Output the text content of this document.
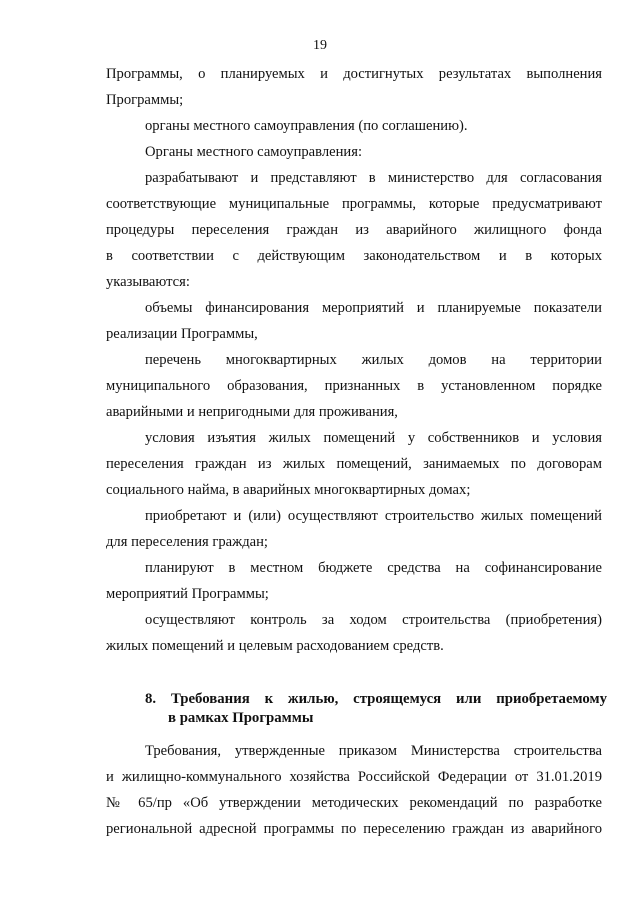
19
Программы, о планируемых и достигнутых результатах выполнения
Программы;
органы местного самоуправления (по соглашению).
Органы местного самоуправления:
разрабатывают и представляют в министерство для согласования
соответствующие муниципальные программы, которые предусматривают
процедуры переселения граждан из аварийного жилищного фонда
в соответствии с действующим законодательством и в которых
указываются:
объемы финансирования мероприятий и планируемые показатели
реализации Программы,
перечень многоквартирных жилых домов на территории
муниципального образования, признанных в установленном порядке
аварийными и непригодными для проживания,
условия изъятия жилых помещений у собственников и условия
переселения граждан из жилых помещений, занимаемых по договорам
социального найма, в аварийных многоквартирных домах;
приобретают и (или) осуществляют строительство жилых помещений
для переселения граждан;
планируют в местном бюджете средства на софинансирование
мероприятий Программы;
осуществляют контроль за ходом строительства (приобретения)
жилых помещений и целевым расходованием средств.
8. Требования к жилью, строящемуся или приобретаемому
в рамках Программы
Требования, утвержденные приказом Министерства строительства
и жилищно-коммунального хозяйства Российской Федерации от 31.01.2019
№ 65/пр «Об утверждении методических рекомендаций по разработке
региональной адресной программы по переселению граждан из аварийного
